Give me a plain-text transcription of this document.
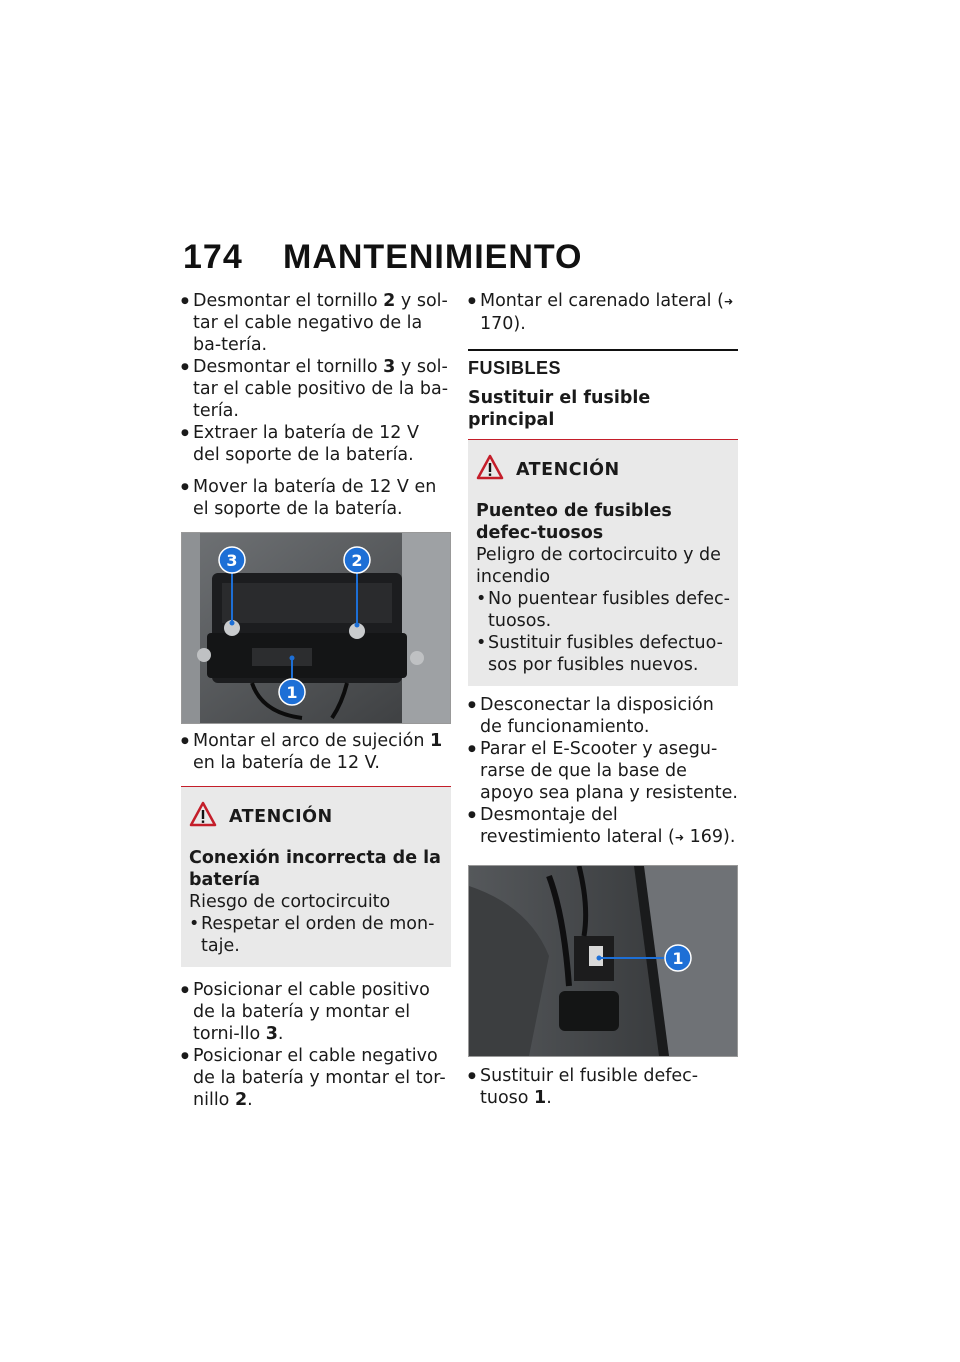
174 MANTENIMIENTO

● Desmontar el tornillo 2 y sol-tar el cable negativo de la ba-tería.

● Desmontar el tornillo 3 y sol-tar el cable positivo de la ba-tería.

● Extraer la batería de 12 V del soporte de la batería.

● Mover la batería de 12 V en el soporte de la batería.

3	2
1

● Montar el arco de sujeción 1 en la batería de 12 V.

ATENCIÓN
Conexión incorrecta de la batería
Riesgo de cortocircuito
• Respetar el orden de mon-taje.

● Posicionar el cable positivo de la batería y montar el torni-llo 3.

● Posicionar el cable negativo de la batería y montar el tor-nillo 2.

● Montar el carenado lateral (➜ 170).

FUSIBLES
Sustituir el fusible principal
ATENCIÓN
Puenteo de fusibles defec-tuosos
Peligro de cortocircuito y de incendio
• No puentear fusibles defec-tuosos.
• Sustituir fusibles defectuo-sos por fusibles nuevos.

● Desconectar la disposición de funcionamiento.

● Parar el E-Scooter y asegu-rarse de que la base de apoyo sea plana y resistente.

● Desmontaje del revestimiento lateral (➜ 169).

1

● Sustituir el fusible defec-tuoso 1.
